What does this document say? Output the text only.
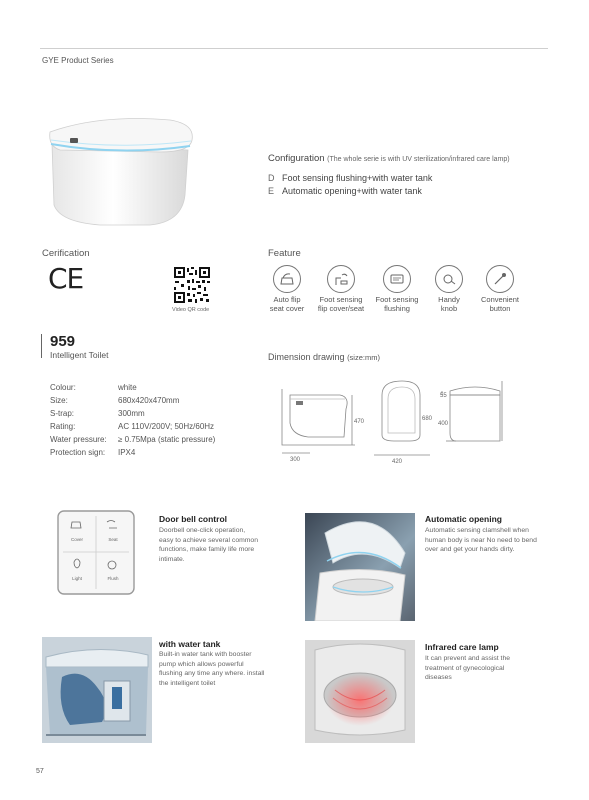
GYE Product Series
Configuration (The whole serie is with UV sterilization/infrared care lamp)
D Foot sensing flushing+with water tank
E Automatic opening+with water tank
Cerification
CE
Video QR code
Feature
Auto flip
seat cover
Foot sensing
flip cover/seat
Foot sensing
flushing
Handy
knob
Convenient
button
959
Intelligent Toilet
Colour:	white
Size:	680x420x470mm
S-trap:	300mm
Rating:	AC 110V/200V; 50Hz/60Hz
Water pressure: ≥ 0.75Mpa (static pressure)
Protection sign: IPX4
Dimension drawing (size:mm)
470
300
680
420
55
400
Cover	Seat
Light	Flush
Door bell control
Doorbell one-click operation,
easy to achieve several common
functions, make family life more
intimate.
Automatic opening
Automatic sensing clamshell when
human body is near No need to bend
over and get your hands dirty.
with water tank
Built-in water tank with booster
pump which allows powerful
flushing any time any where. install
the intelligent toilet
Infrared care lamp
It can prevent and assist the
treatment of gynecological
diseases
57
